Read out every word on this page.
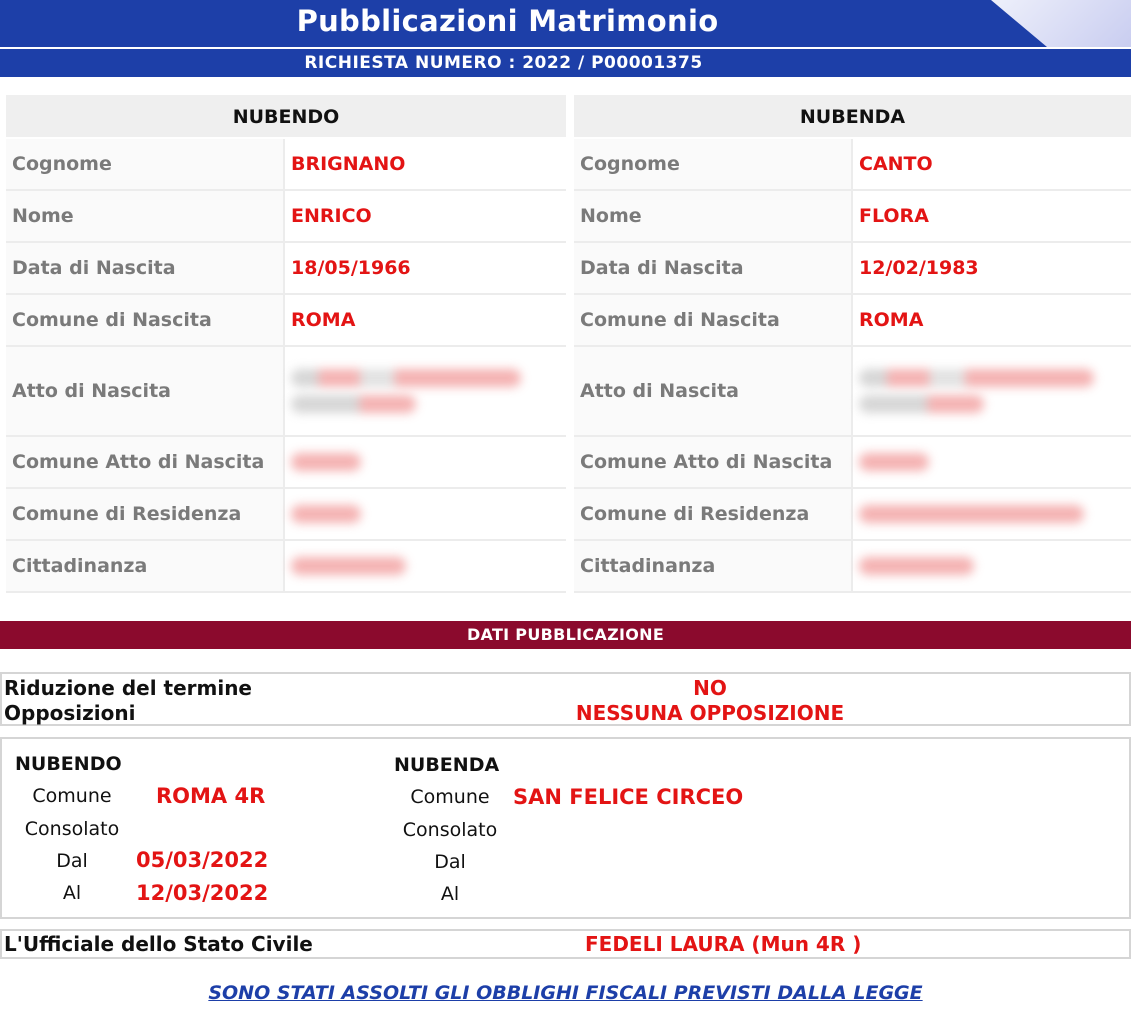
Pubblicazioni Matrimonio
RICHIESTA NUMERO : 2022 / P00001375
NUBENDO
Cognome	BRIGNANO
Nome	ENRICO
Data di Nascita	18/05/1966
Comune di Nascita	ROMA
Atto di Nascita
Comune Atto di Nascita
Comune di Residenza
Cittadinanza
NUBENDA
Cognome	CANTO
Nome	FLORA
Data di Nascita	12/02/1983
Comune di Nascita	ROMA
Atto di Nascita
Comune Atto di Nascita
Comune di Residenza
Cittadinanza
DATI PUBBLICAZIONE
Riduzione del termine	NO
Opposizioni	NESSUNA OPPOSIZIONE
NUBENDO
Comune	ROMA 4R
Consolato
Dal	05/03/2022
Al	12/03/2022
NUBENDA
Comune	SAN FELICE CIRCEO
Consolato
Dal
Al
L'Ufficiale dello Stato Civile	FEDELI LAURA (Mun 4R )
SONO STATI ASSOLTI GLI OBBLIGHI FISCALI PREVISTI DALLA LEGGE
